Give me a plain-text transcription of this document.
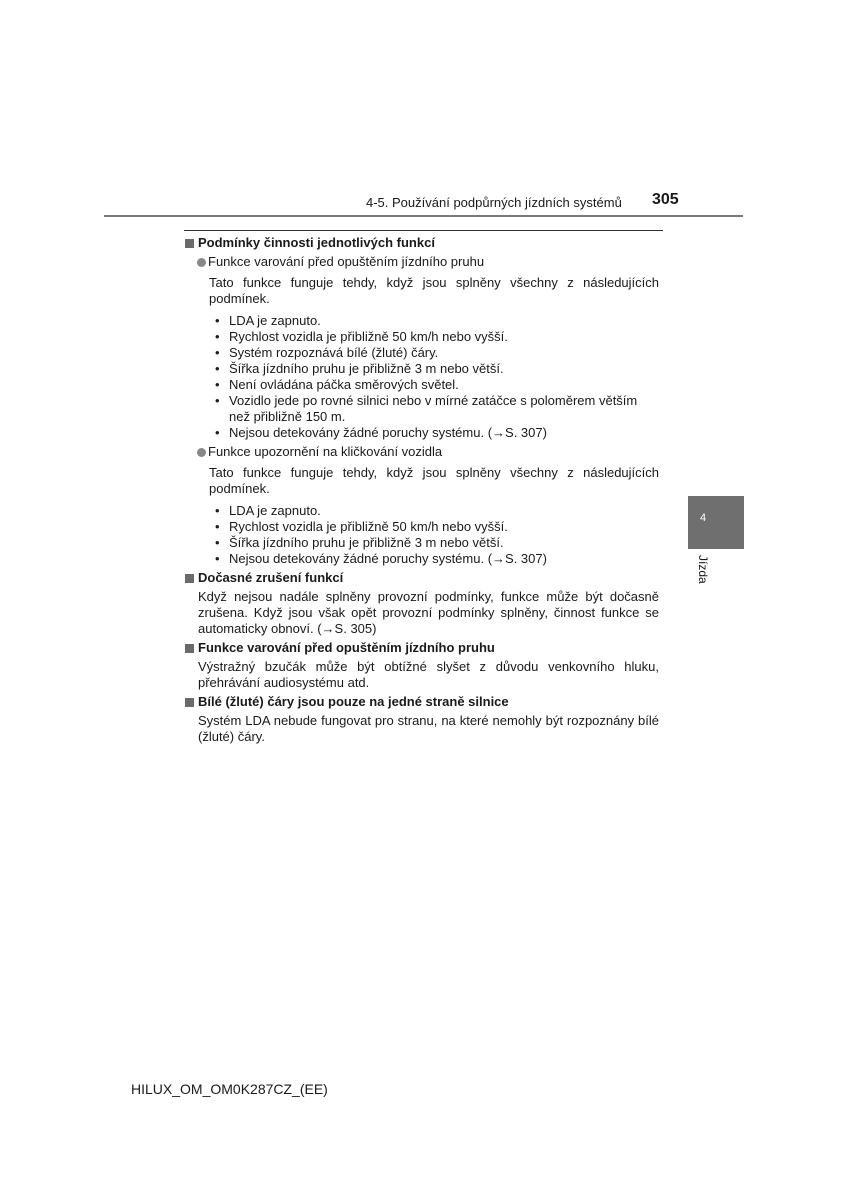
4-5. Používání podpůrných jízdních systémů 305
4
Jízda
Podmínky činnosti jednotlivých funkcí
Funkce varování před opuštěním jízdního pruhu
Tato funkce funguje tehdy, když jsou splněny všechny z následujících podmínek.
• LDA je zapnuto.
• Rychlost vozidla je přibližně 50 km/h nebo vyšší.
• Systém rozpoznává bílé (žluté) čáry.
• Šířka jízdního pruhu je přibližně 3 m nebo větší.
• Není ovládána páčka směrových světel.
• Vozidlo jede po rovné silnici nebo v mírné zatáčce s poloměrem větším než přibližně 150 m.
• Nejsou detekovány žádné poruchy systému. (→S. 307)
Funkce upozornění na kličkování vozidla
Tato funkce funguje tehdy, když jsou splněny všechny z následujících podmínek.
• LDA je zapnuto.
• Rychlost vozidla je přibližně 50 km/h nebo vyšší.
• Šířka jízdního pruhu je přibližně 3 m nebo větší.
• Nejsou detekovány žádné poruchy systému. (→S. 307)
Dočasné zrušení funkcí
Když nejsou nadále splněny provozní podmínky, funkce může být dočasně zrušena. Když jsou však opět provozní podmínky splněny, činnost funkce se automaticky obnoví. (→S. 305)
Funkce varování před opuštěním jízdního pruhu
Výstražný bzučák může být obtížné slyšet z důvodu venkovního hluku, přehrávání audiosystému atd.
Bílé (žluté) čáry jsou pouze na jedné straně silnice
Systém LDA nebude fungovat pro stranu, na které nemohly být rozpoznány bílé (žluté) čáry.
HILUX_OM_OM0K287CZ_(EE)
